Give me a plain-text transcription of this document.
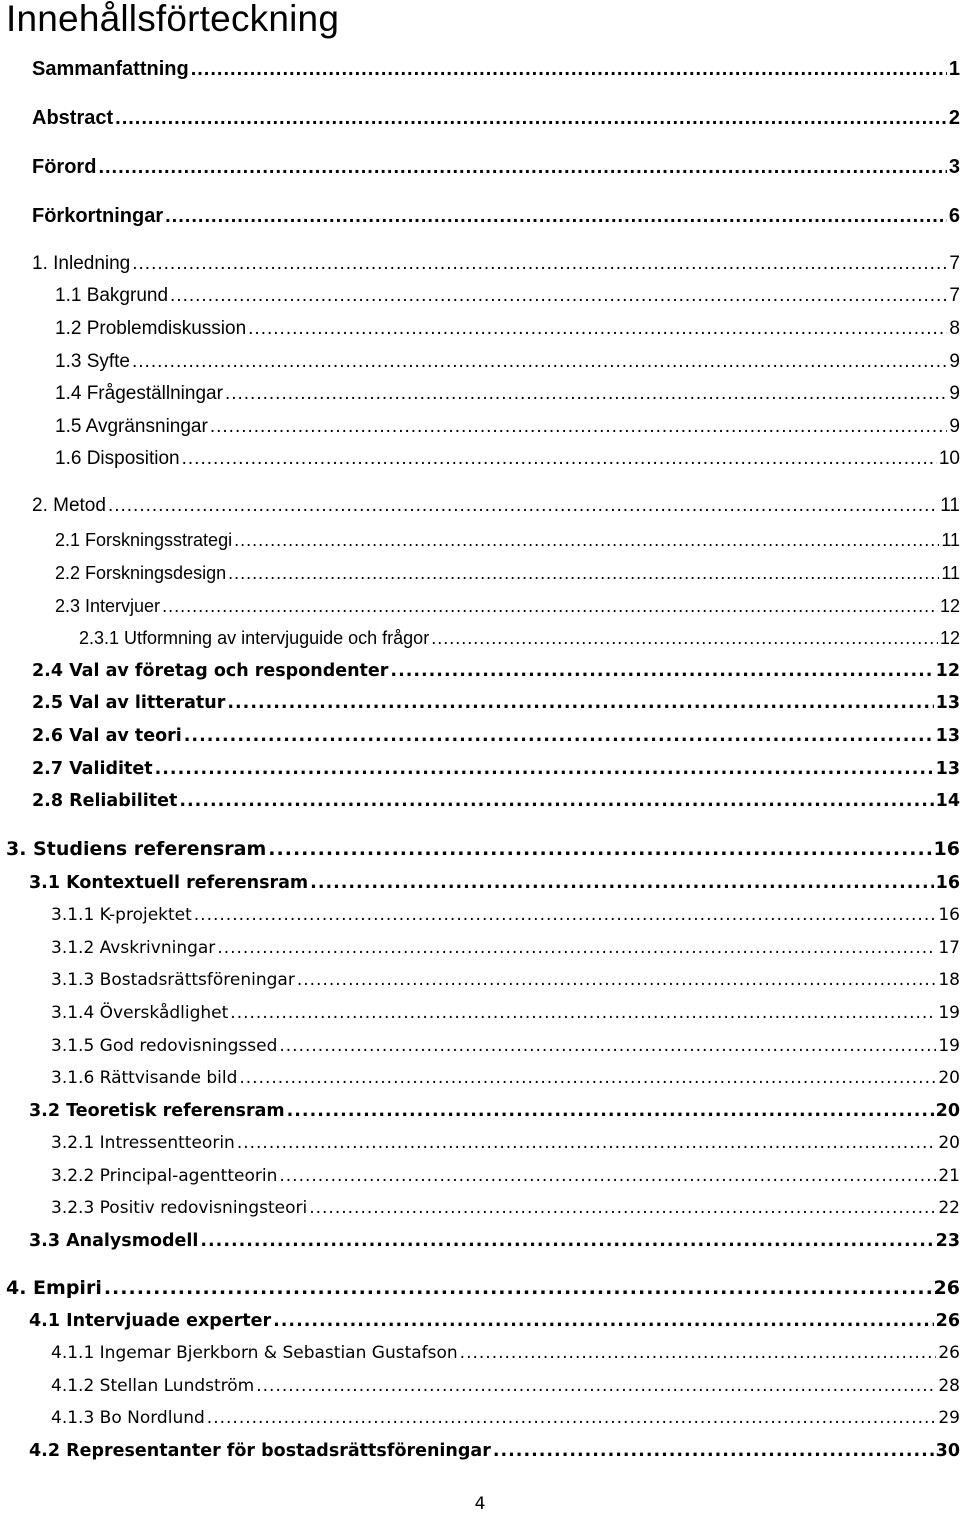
Innehållsförteckning
Sammanfattning .....	1
Abstract .....	2
Förord .....	3
Förkortningar .....	6
1. Inledning .....	7
1.1 Bakgrund .....	7
1.2 Problemdiskussion .....	8
1.3 Syfte .....	9
1.4 Frågeställningar .....	9
1.5 Avgränsningar .....	9
1.6 Disposition .....	10
2. Metod .....	11
2.1 Forskningsstrategi .....	11
2.2 Forskningsdesign .....	11
2.3 Intervjuer .....	12
2.3.1 Utformning av intervjuguide och frågor .....	12
2.4 Val av företag och respondenter .....	12
2.5 Val av litteratur .....	13
2.6 Val av teori .....	13
2.7 Validitet .....	13
2.8 Reliabilitet .....	14
3. Studiens referensram .....	16
3.1 Kontextuell referensram .....	16
3.1.1 K-projektet .....	16
3.1.2 Avskrivningar .....	17
3.1.3 Bostadsrättsföreningar .....	18
3.1.4 Överskådlighet .....	19
3.1.5 God redovisningssed .....	19
3.1.6 Rättvisande bild .....	20
3.2 Teoretisk referensram .....	20
3.2.1 Intressentteorin .....	20
3.2.2 Principal-agentteorin .....	21
3.2.3 Positiv redovisningsteori .....	22
3.3 Analysmodell .....	23
4. Empiri .....	26
4.1 Intervjuade experter .....	26
4.1.1 Ingemar Bjerkborn & Sebastian Gustafson .....	26
4.1.2 Stellan Lundström .....	28
4.1.3 Bo Nordlund .....	29
4.2 Representanter för bostadsrättsföreningar .....	30
4
